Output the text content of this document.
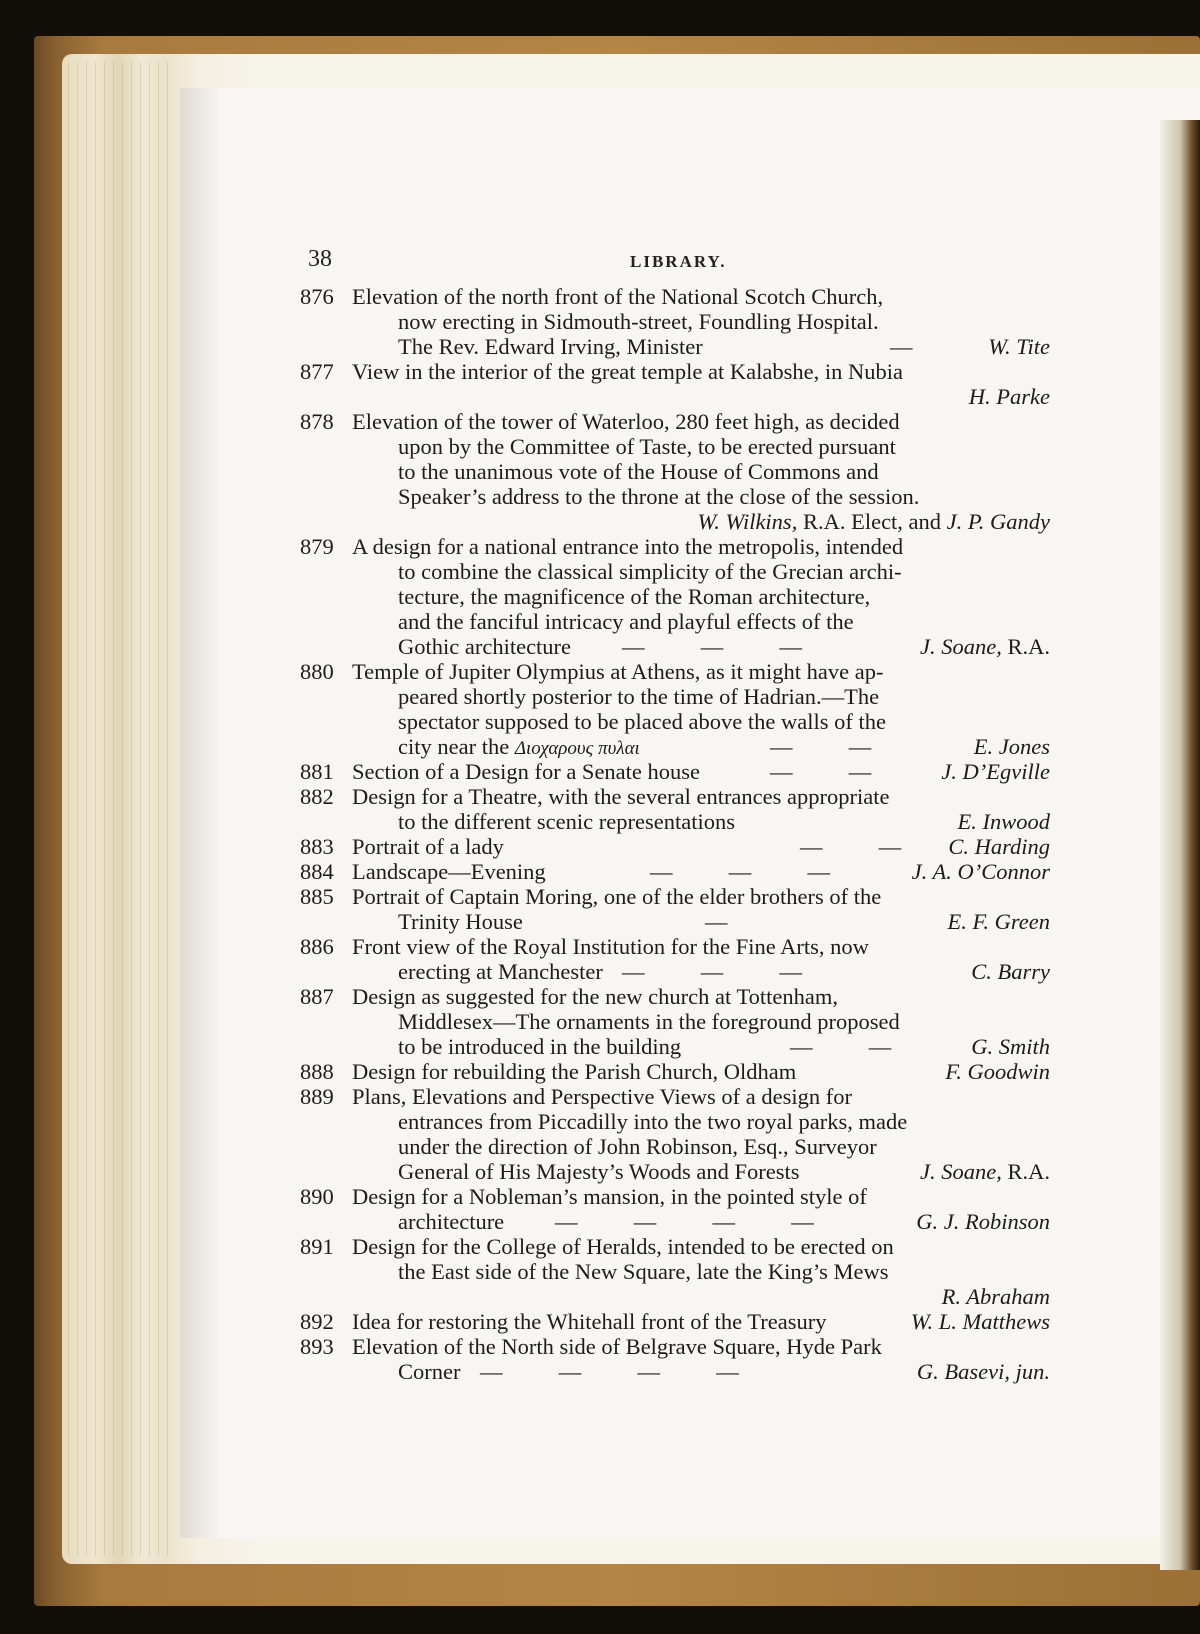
38	LIBRARY.
876 Elevation of the north front of the National Scotch Church,
now erecting in Sidmouth-street, Foundling Hospital.
The Rev. Edward Irving, Minister	—	W. Tite
877 View in the interior of the great temple at Kalabshe, in Nubia
H. Parke
878 Elevation of the tower of Waterloo, 280 feet high, as decided
upon by the Committee of Taste, to be erected pursuant
to the unanimous vote of the House of Commons and
Speaker’s address to the throne at the close of the session.
W. Wilkins, R.A. Elect, and J. P. Gandy
879 A design for a national entrance into the metropolis, intended
to combine the classical simplicity of the Grecian archi-
tecture, the magnificence of the Roman architecture,
and the fanciful intricacy and playful effects of the
Gothic architecture —          —          —	J. Soane, R.A.
880 Temple of Jupiter Olympius at Athens, as it might have ap-
peared shortly posterior to the time of Hadrian.—The
spectator supposed to be placed above the walls of the
city near the Διοχαρους πυλαι	—          —	E. Jones
881 Section of a Design for a Senate house	—          —	J. D’Egville
882 Design for a Theatre, with the several entrances appropriate
to the different scenic representations	E. Inwood
883 Portrait of a lady	—          — C. Harding
884 Landscape—Evening	—          —          —	J. A. O’Connor
885 Portrait of Captain Moring, one of the elder brothers of the
Trinity House	—	E. F. Green
886 Front view of the Royal Institution for the Fine Arts, now
erecting at Manchester —          —          —	C. Barry
887 Design as suggested for the new church at Tottenham,
Middlesex—The ornaments in the foreground proposed
to be introduced in the building	—          —	G. Smith
888 Design for rebuilding the Parish Church, Oldham	F. Goodwin
889 Plans, Elevations and Perspective Views of a design for
entrances from Piccadilly into the two royal parks, made
under the direction of John Robinson, Esq., Surveyor
General of His Majesty’s Woods and Forests	J. Soane, R.A.
890 Design for a Nobleman’s mansion, in the pointed style of
architecture —          —          —          —	G. J. Robinson
891 Design for the College of Heralds, intended to be erected on
the East side of the New Square, late the King’s Mews
R. Abraham
892 Idea for restoring the Whitehall front of the Treasury	W. L. Matthews
893 Elevation of the North side of Belgrave Square, Hyde Park
Corner —          —          —          —	G. Basevi, jun.
